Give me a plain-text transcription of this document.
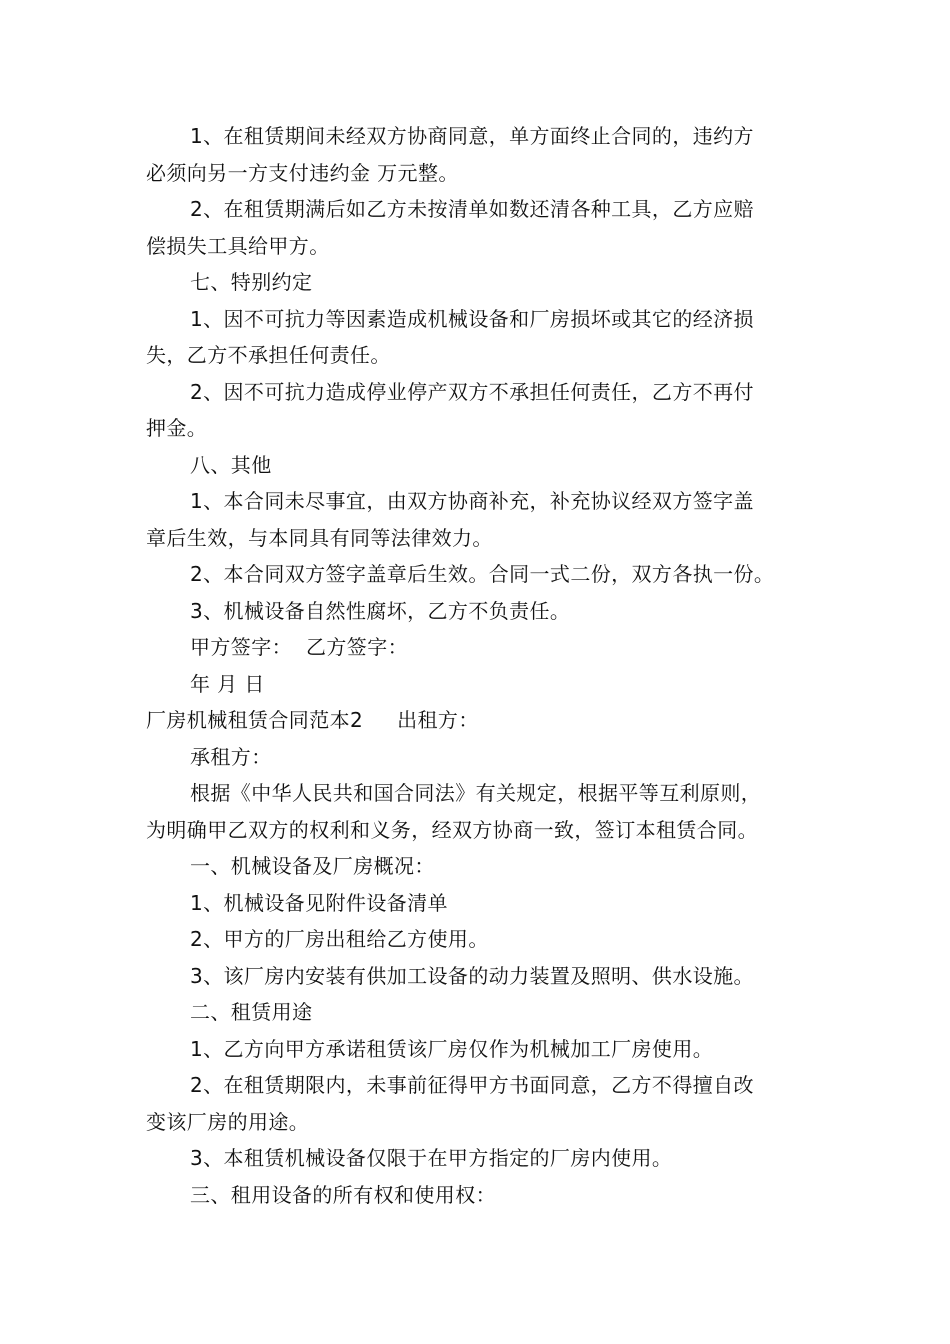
1、在租赁期间未经双方协商同意，单方面终止合同的，违约方
必须向另一方支付违约金 万元整。
2、在租赁期满后如乙方未按清单如数还清各种工具，乙方应赔
偿损失工具给甲方。
七、特别约定
1、因不可抗力等因素造成机械设备和厂房损坏或其它的经济损
失，乙方不承担任何责任。
2、因不可抗力造成停业停产双方不承担任何责任，乙方不再付
押金。
八、其他
1、本合同未尽事宜，由双方协商补充，补充协议经双方签字盖
章后生效，与本同具有同等法律效力。
2、本合同双方签字盖章后生效。合同一式二份，双方各执一份。
3、机械设备自然性腐坏，乙方不负责任。
甲方签字： 乙方签字：
年 月 日
厂房机械租赁合同范本2 出租方：
承租方：
根据《中华人民共和国合同法》有关规定，根据平等互利原则，
为明确甲乙双方的权利和义务，经双方协商一致，签订本租赁合同。
一、机械设备及厂房概况：
1、机械设备见附件设备清单
2、甲方的厂房出租给乙方使用。
3、该厂房内安装有供加工设备的动力装置及照明、供水设施。
二、租赁用途
1、乙方向甲方承诺租赁该厂房仅作为机械加工厂房使用。
2、在租赁期限内，未事前征得甲方书面同意，乙方不得擅自改
变该厂房的用途。
3、本租赁机械设备仅限于在甲方指定的厂房内使用。
三、租用设备的所有权和使用权：
